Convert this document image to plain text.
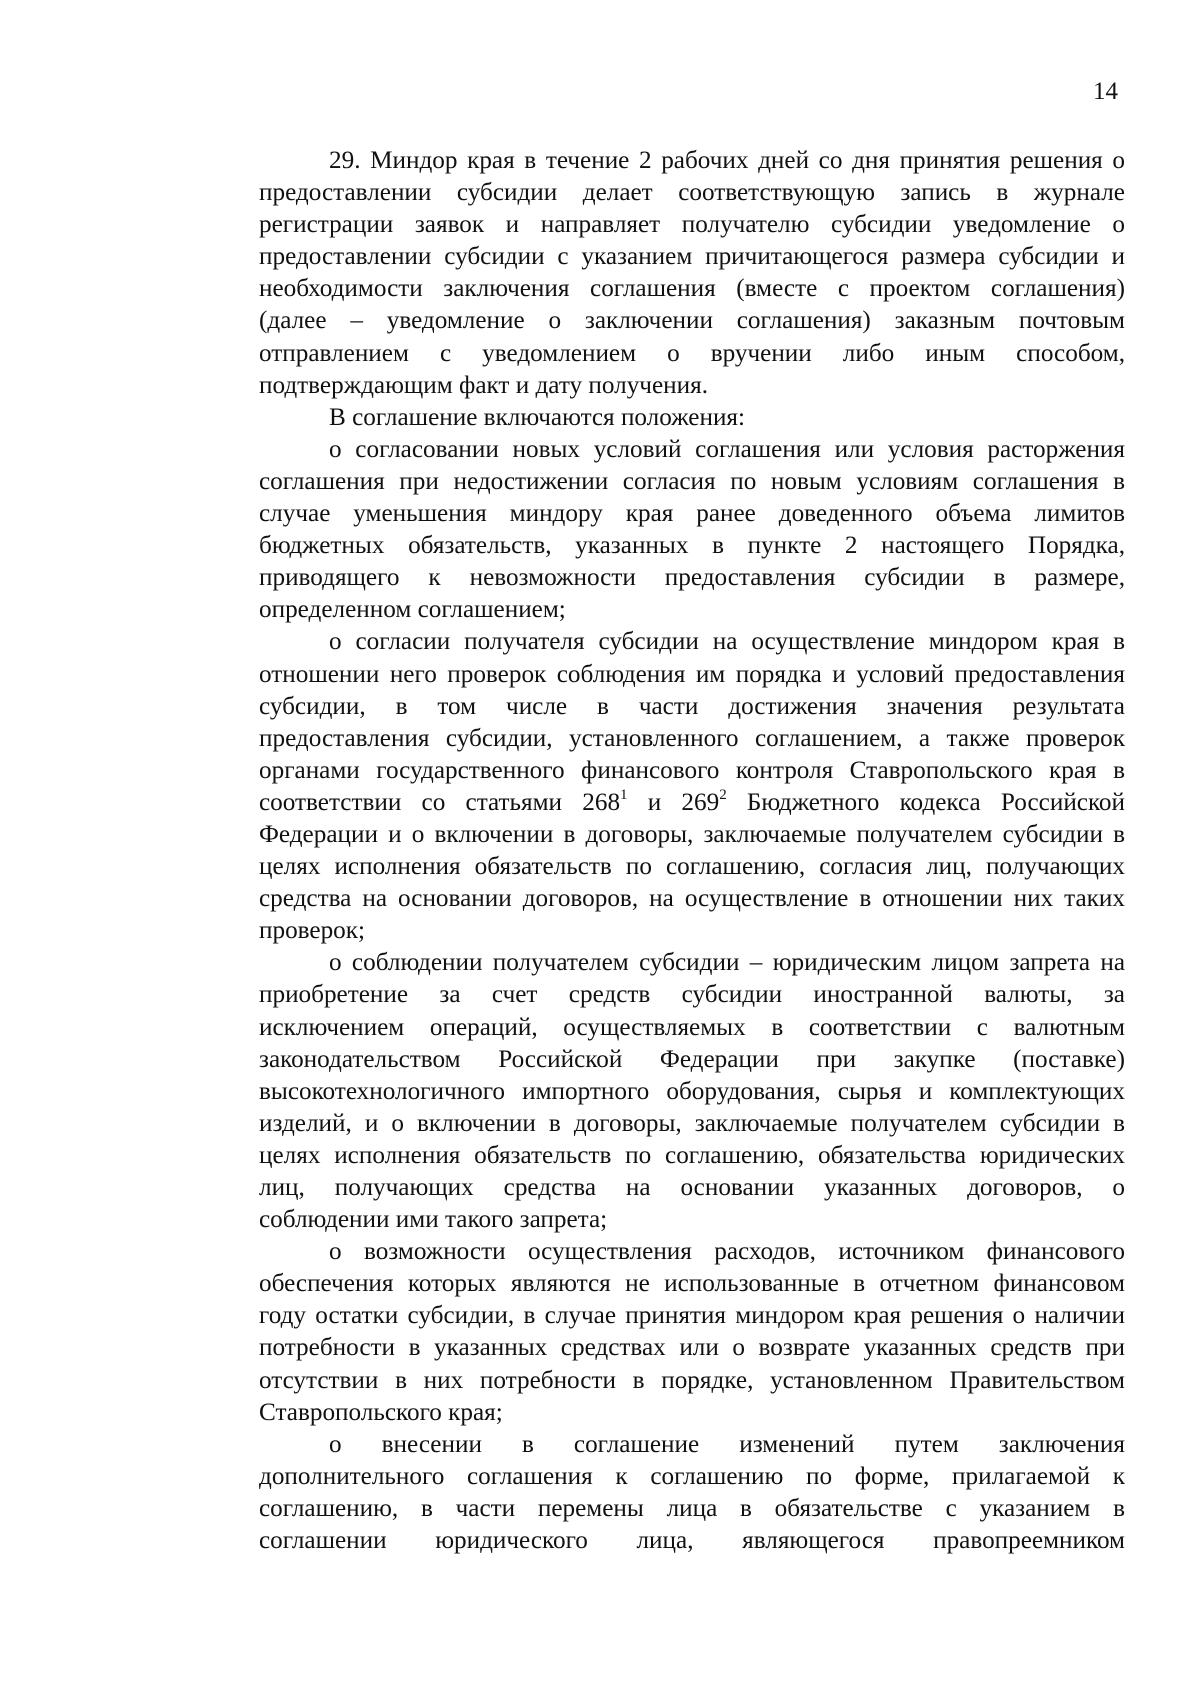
14
29. Миндор края в течение 2 рабочих дней со дня принятия решения о
предоставлении субсидии делает соответствующую запись в журнале
регистрации заявок и направляет получателю субсидии уведомление о
предоставлении субсидии с указанием причитающегося размера субсидии и
необходимости заключения соглашения (вместе с проектом соглашения)
(далее – уведомление о заключении соглашения) заказным почтовым
отправлением с уведомлением о вручении либо иным способом,
подтверждающим факт и дату получения.
В соглашение включаются положения:
о согласовании новых условий соглашения или условия расторжения
соглашения при недостижении согласия по новым условиям соглашения в
случае уменьшения миндору края ранее доведенного объема лимитов
бюджетных обязательств, указанных в пункте 2 настоящего Порядка,
приводящего к невозможности предоставления субсидии в размере,
определенном соглашением;
о согласии получателя субсидии на осуществление миндором края в
отношении него проверок соблюдения им порядка и условий предоставления
субсидии, в том числе в части достижения значения результата
предоставления субсидии, установленного соглашением, а также проверок
органами государственного финансового контроля Ставропольского края в
соответствии со статьями $268^1$ и $269^2$ Бюджетного кодекса Российской
Федерации и о включении в договоры, заключаемые получателем субсидии в
целях исполнения обязательств по соглашению, согласия лиц, получающих
средства на основании договоров, на осуществление в отношении них таких
проверок;
о соблюдении получателем субсидии – юридическим лицом запрета на
приобретение за счет средств субсидии иностранной валюты, за
исключением операций, осуществляемых в соответствии с валютным
законодательством Российской Федерации при закупке (поставке)
высокотехнологичного импортного оборудования, сырья и комплектующих
изделий, и о включении в договоры, заключаемые получателем субсидии в
целях исполнения обязательств по соглашению, обязательства юридических
лиц, получающих средства на основании указанных договоров, о
соблюдении ими такого запрета;
о возможности осуществления расходов, источником финансового
обеспечения которых являются не использованные в отчетном финансовом
году остатки субсидии, в случае принятия миндором края решения о наличии
потребности в указанных средствах или о возврате указанных средств при
отсутствии в них потребности в порядке, установленном Правительством
Ставропольского края;
о внесении в соглашение изменений путем заключения
дополнительного соглашения к соглашению по форме, прилагаемой к
соглашению, в части перемены лица в обязательстве с указанием в
соглашении юридического лица, являющегося правопреемником
